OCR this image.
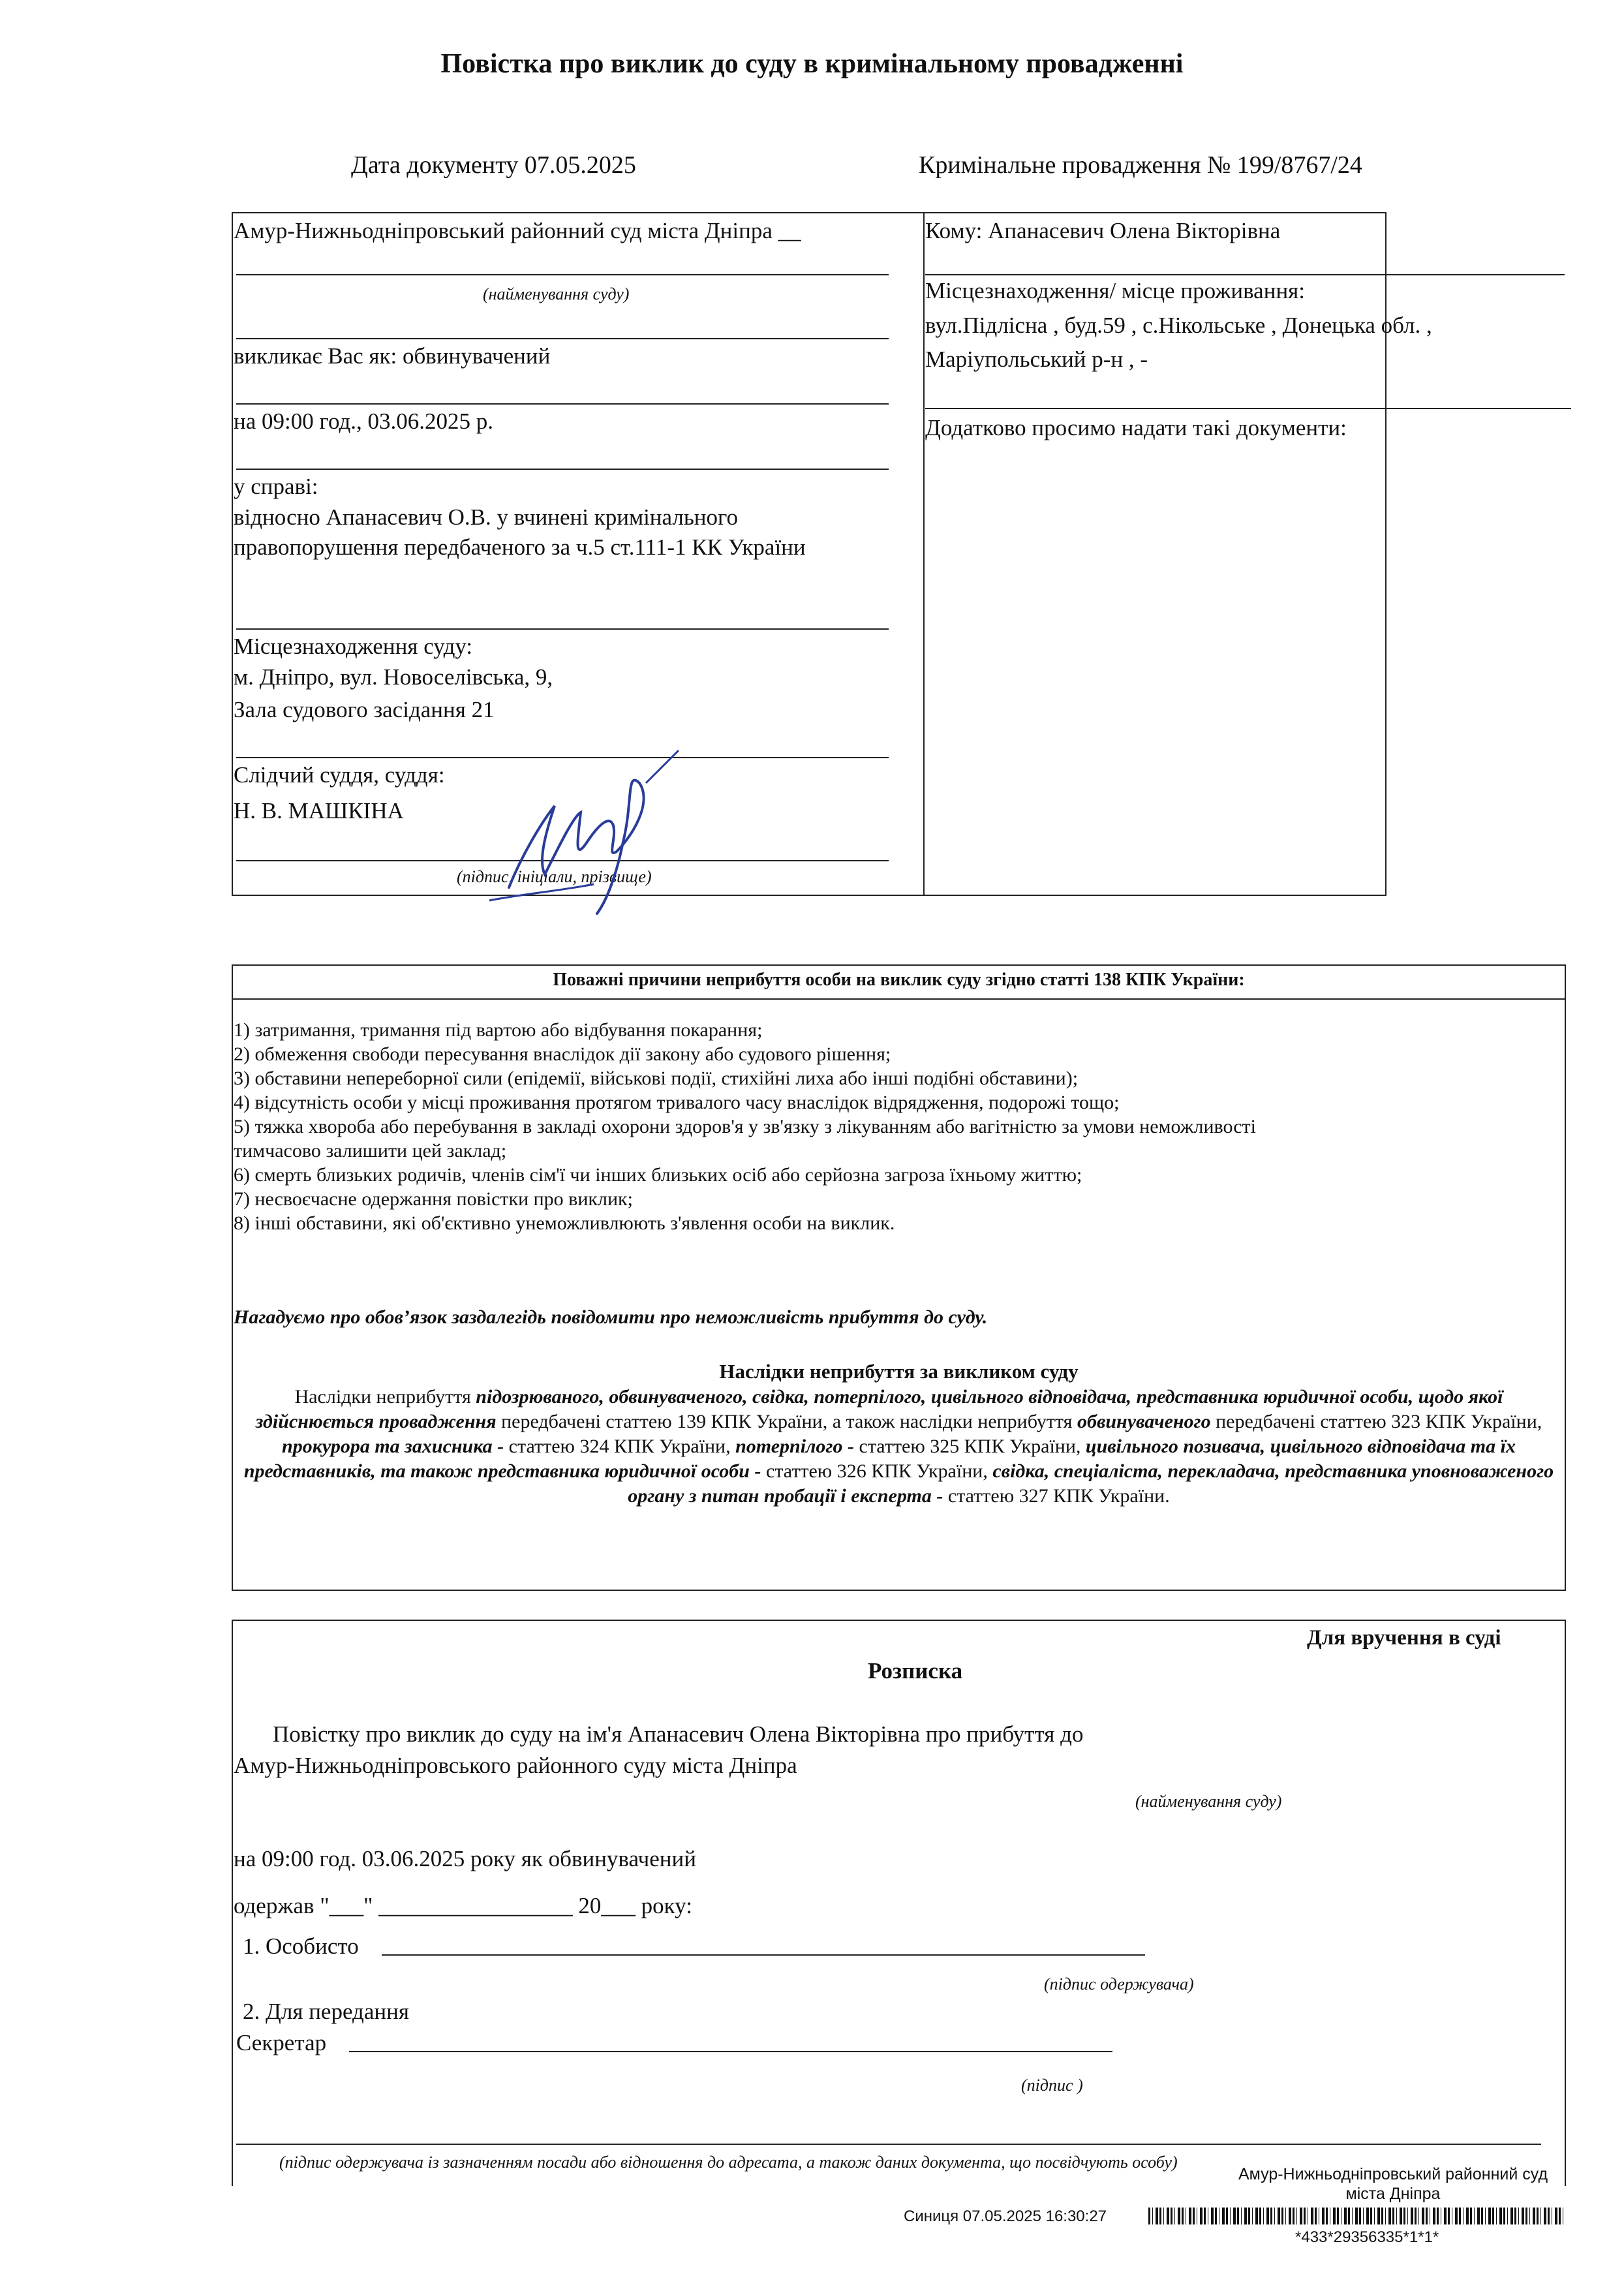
Повістка про виклик до суду в кримінальному провадженні
Дата документу 07.05.2025	Кримінальне провадження № 199/8767/24
Амур-Нижньодніпровський районний суд міста Дніпра __
(найменування суду)
викликає Вас як: обвинувачений
на 09:00 год., 03.06.2025 р.
у справі:
відносно Апанасевич О.В. у вчинені кримінального правопорушення передбаченого за ч.5 ст.111-1 КК України
Місцезнаходження суду:
м. Дніпро, вул. Новоселівська, 9,
Зала судового засідання 21
Слідчий суддя, суддя:
Н. В. МАШКІНА
(підпис, ініціали, прізвище)
Кому: Апанасевич Олена Вікторівна
Місцезнаходження/ місце проживання:
вул.Підлісна , буд.59 , с.Нікольське , Донецька обл. ,
Маріупольський р-н , -
Додатково просимо надати такі документи:
Поважні причини неприбуття особи на виклик суду згідно статті 138 КПК України:
1) затримання, тримання під вартою або відбування покарання;
2) обмеження свободи пересування внаслідок дії закону або судового рішення;
3) обставини непереборної сили (епідемії, військові події, стихійні лиха або інші подібні обставини);
4) відсутність особи у місці проживання протягом тривалого часу внаслідок відрядження, подорожі тощо;
5) тяжка хвороба або перебування в закладі охорони здоров'я у зв'язку з лікуванням або вагітністю за умови неможливості
тимчасово залишити цей заклад;
6) смерть близьких родичів, членів сім'ї чи інших близьких осіб або серйозна загроза їхньому життю;
7) несвоєчасне одержання повістки про виклик;
8) інші обставини, які об'єктивно унеможливлюють з'явлення особи на виклик.
Нагадуємо про обов’язок заздалегідь повідомити про неможливість прибуття до суду.
Наслідки неприбуття за викликом суду
Наслідки неприбуття підозрюваного, обвинуваченого, свідка, потерпілого, цивільного відповідача, представника юридичної особи, щодо якої здійснюється провадження передбачені статтею 139 КПК України, а також наслідки неприбуття обвинуваченого передбачені статтею 323 КПК України, прокурора та захисника - статтею 324 КПК України, потерпілого - статтею 325 КПК України, цивільного позивача, цивільного відповідача та їх представників, та також представника юридичної особи - статтею 326 КПК України, свідка, спеціаліста, перекладача, представника уповноваженого органу з питан пробації і експерта - статтею 327 КПК України.
Для вручення в суді
Розписка
Повістку про виклик до суду на ім'я Апанасевич Олена Вікторівна про прибуття до
Амур-Нижньодніпровського районного суду міста Дніпра
(найменування суду)
на 09:00 год. 03.06.2025 року як обвинувачений
одержав "___" _________________ 20___ року:
1. Особисто
(підпис одержувача)
2. Для передання
Секретар
(підпис )
(підпис одержувача із зазначенням посади або відношення до адресата, а також даних документа, що посвідчують особу)
Амур-Нижньодніпровський районний суд
міста Дніпра
Синиця 07.05.2025 16:30:27
*433*29356335*1*1*
